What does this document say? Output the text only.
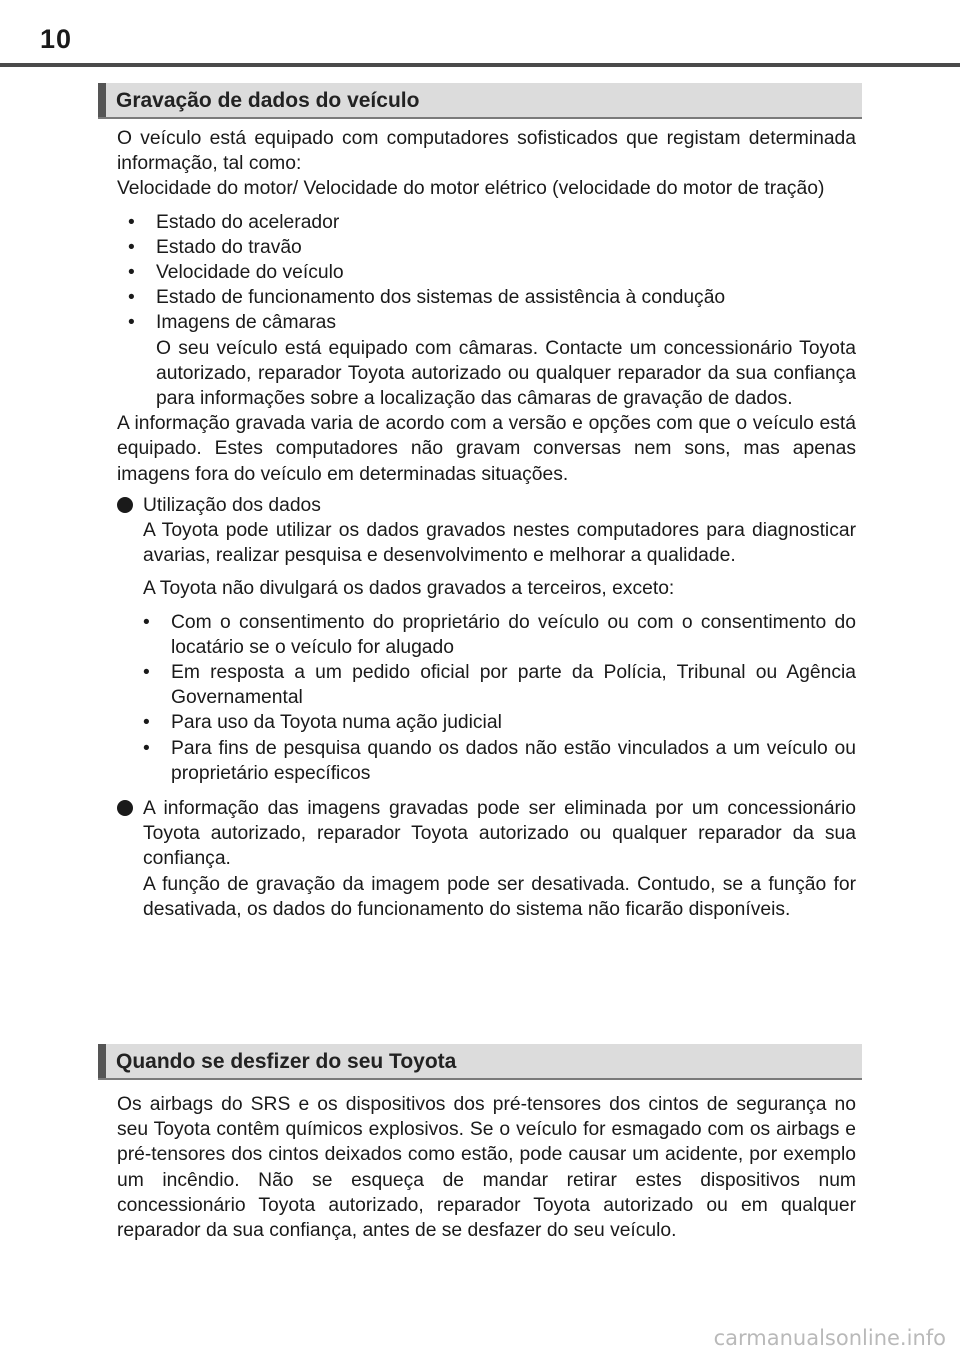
10
Gravação de dados do veículo

O veículo está equipado com computadores sofisticados que registam determinada informação, tal como:

Velocidade do motor/ Velocidade do motor elétrico (velocidade do motor de tração)

• Estado do acelerador
• Estado do travão
• Velocidade do veículo
• Estado de funcionamento dos sistemas de assistência à condução
• Imagens de câmaras

O seu veículo está equipado com câmaras. Contacte um concessionário Toyota autorizado, reparador Toyota autorizado ou qualquer reparador da sua confiança para informações sobre a localização das câmaras de gravação de dados.

A informação gravada varia de acordo com a versão e opções com que o veículo está equipado. Estes computadores não gravam conversas nem sons, mas apenas imagens fora do veículo em determinadas situações.

Utilização dos dados

A Toyota pode utilizar os dados gravados nestes computadores para diagnosticar avarias, realizar pesquisa e desenvolvimento e melhorar a qualidade.

A Toyota não divulgará os dados gravados a terceiros, exceto:

• Com o consentimento do proprietário do veículo ou com o consentimento do locatário se o veículo for alugado
• Em resposta a um pedido oficial por parte da Polícia, Tribunal ou Agência Governamental
• Para uso da Toyota numa ação judicial
• Para fins de pesquisa quando os dados não estão vinculados a um veículo ou proprietário específicos

A informação das imagens gravadas pode ser eliminada por um concessionário Toyota autorizado, reparador Toyota autorizado ou qualquer reparador da sua confiança.

A função de gravação da imagem pode ser desativada. Contudo, se a função for desativada, os dados do funcionamento do sistema não ficarão disponíveis.

Quando se desfizer do seu Toyota

Os airbags do SRS e os dispositivos dos pré-tensores dos cintos de segurança no seu Toyota contêm químicos explosivos. Se o veículo for esmagado com os airbags e pré-tensores dos cintos deixados como estão, pode causar um acidente, por exemplo um incêndio. Não se esqueça de mandar retirar estes dispositivos num concessionário Toyota autorizado, reparador Toyota autorizado ou em qualquer reparador da sua confiança, antes de se desfazer do seu veículo.

carmanualsonline.info
